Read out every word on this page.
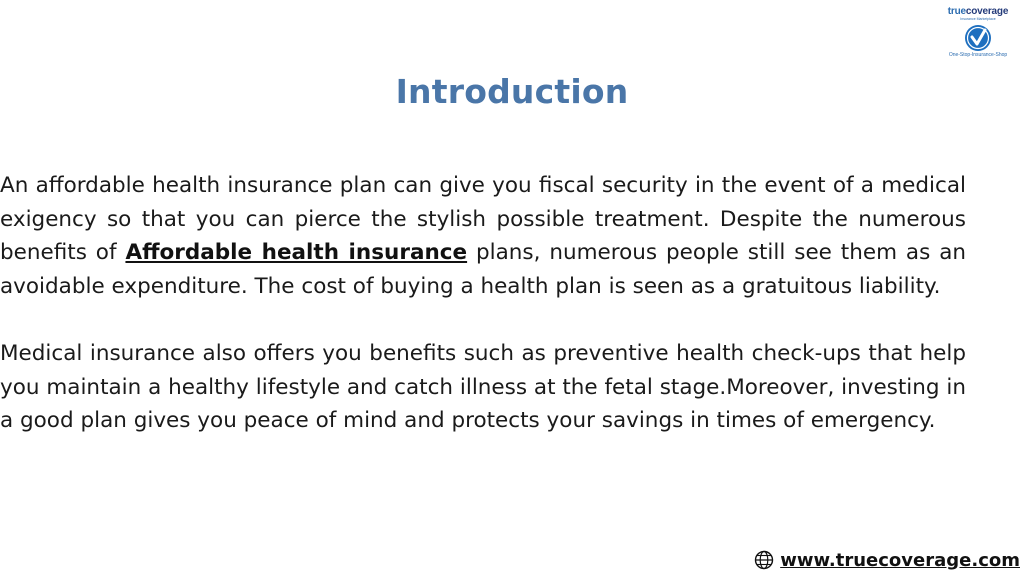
truecoverage
Insurance Marketplace
One-Stop-Insurance-Shop
Introduction

An affordable health insurance plan can give you fiscal security in the event of a medical exigency so that you can pierce the stylish possible treatment. Despite the numerous benefits of Affordable health insurance plans, numerous people still see them as an avoidable expenditure. The cost of buying a health plan is seen as a gratuitous liability.

Medical insurance also offers you benefits such as preventive health check-ups that help you maintain a healthy lifestyle and catch illness at the fetal stage.Moreover, investing in a good plan gives you peace of mind and protects your savings in times of emergency.

www.truecoverage.com
